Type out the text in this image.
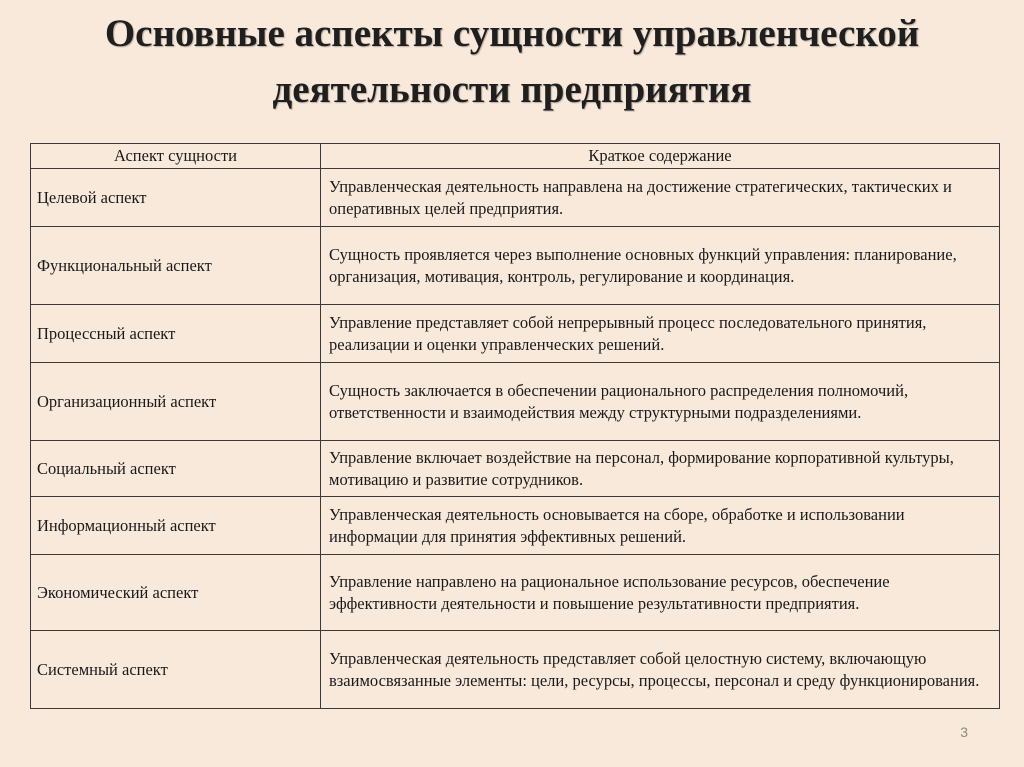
Основные аспекты сущности управленческой
деятельности предприятия
Аспект сущности	Краткое содержание
Целевой аспект	Управленческая деятельность направлена на достижение стратегических, тактических и оперативных целей предприятия.
Функциональный аспект	Сущность проявляется через выполнение основных функций управления: планирование, организация, мотивация, контроль, регулирование и координация.
Процессный аспект	Управление представляет собой непрерывный процесс последовательного принятия, реализации и оценки управленческих решений.
Организационный аспект	Сущность заключается в обеспечении рационального распределения полномочий, ответственности и взаимодействия между структурными подразделениями.
Социальный аспект	Управление включает воздействие на персонал, формирование корпоративной культуры, мотивацию и развитие сотрудников.
Информационный аспект	Управленческая деятельность основывается на сборе, обработке и использовании информации для принятия эффективных решений.
Экономический аспект	Управление направлено на рациональное использование ресурсов, обеспечение эффективности деятельности и повышение результативности предприятия.
Системный аспект	Управленческая деятельность представляет собой целостную систему, включающую взаимосвязанные элементы: цели, ресурсы, процессы, персонал и среду функционирования.
3
